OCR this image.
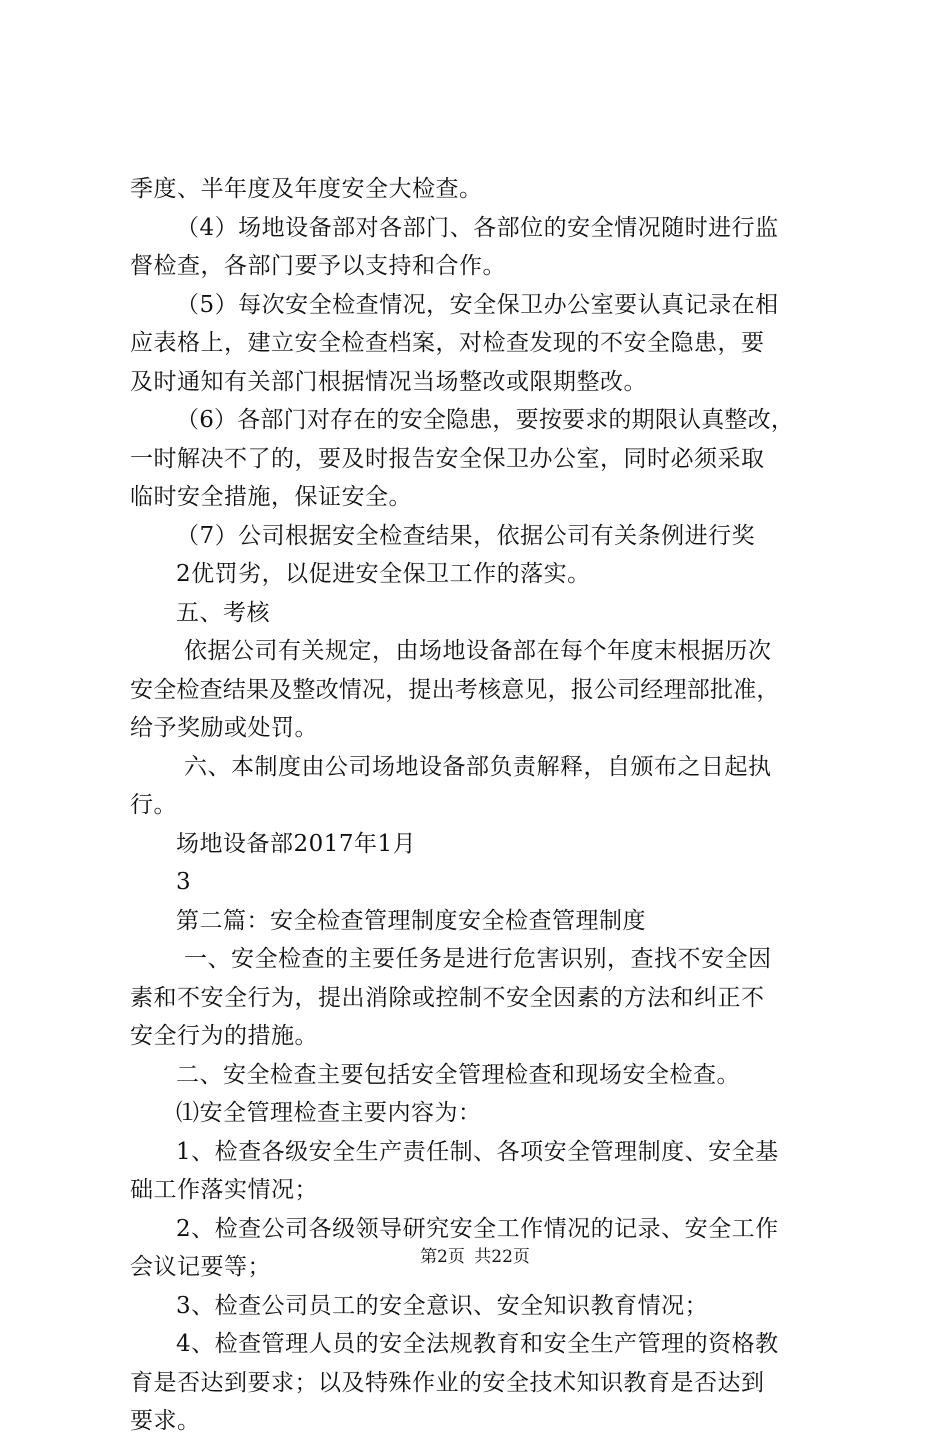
季度、半年度及年度安全大检查。
（4）场地设备部对各部门、各部位的安全情况随时进行监
督检查，各部门要予以支持和合作。
（5）每次安全检查情况，安全保卫办公室要认真记录在相
应表格上，建立安全检查档案，对检查发现的不安全隐患，要
及时通知有关部门根据情况当场整改或限期整改。
（6）各部门对存在的安全隐患，要按要求的期限认真整改，
一时解决不了的，要及时报告安全保卫办公室，同时必须采取
临时安全措施，保证安全。
（7）公司根据安全检查结果，依据公司有关条例进行奖
2优罚劣，以促进安全保卫工作的落实。
五、考核
依据公司有关规定，由场地设备部在每个年度末根据历次
安全检查结果及整改情况，提出考核意见，报公司经理部批准，
给予奖励或处罚。
六、本制度由公司场地设备部负责解释，自颁布之日起执
行。
场地设备部2017年1月
3
第二篇：安全检查管理制度安全检查管理制度
一、安全检查的主要任务是进行危害识别，查找不安全因
素和不安全行为，提出消除或控制不安全因素的方法和纠正不
安全行为的措施。
二、安全检查主要包括安全管理检查和现场安全检查。
⑴安全管理检查主要内容为：
1、检查各级安全生产责任制、各项安全管理制度、安全基
础工作落实情况；
2、检查公司各级领导研究安全工作情况的记录、安全工作
会议记要等；
3、检查公司员工的安全意识、安全知识教育情况；
4、检查管理人员的安全法规教育和安全生产管理的资格教
育是否达到要求；以及特殊作业的安全技术知识教育是否达到
要求。
第2页 共22页
